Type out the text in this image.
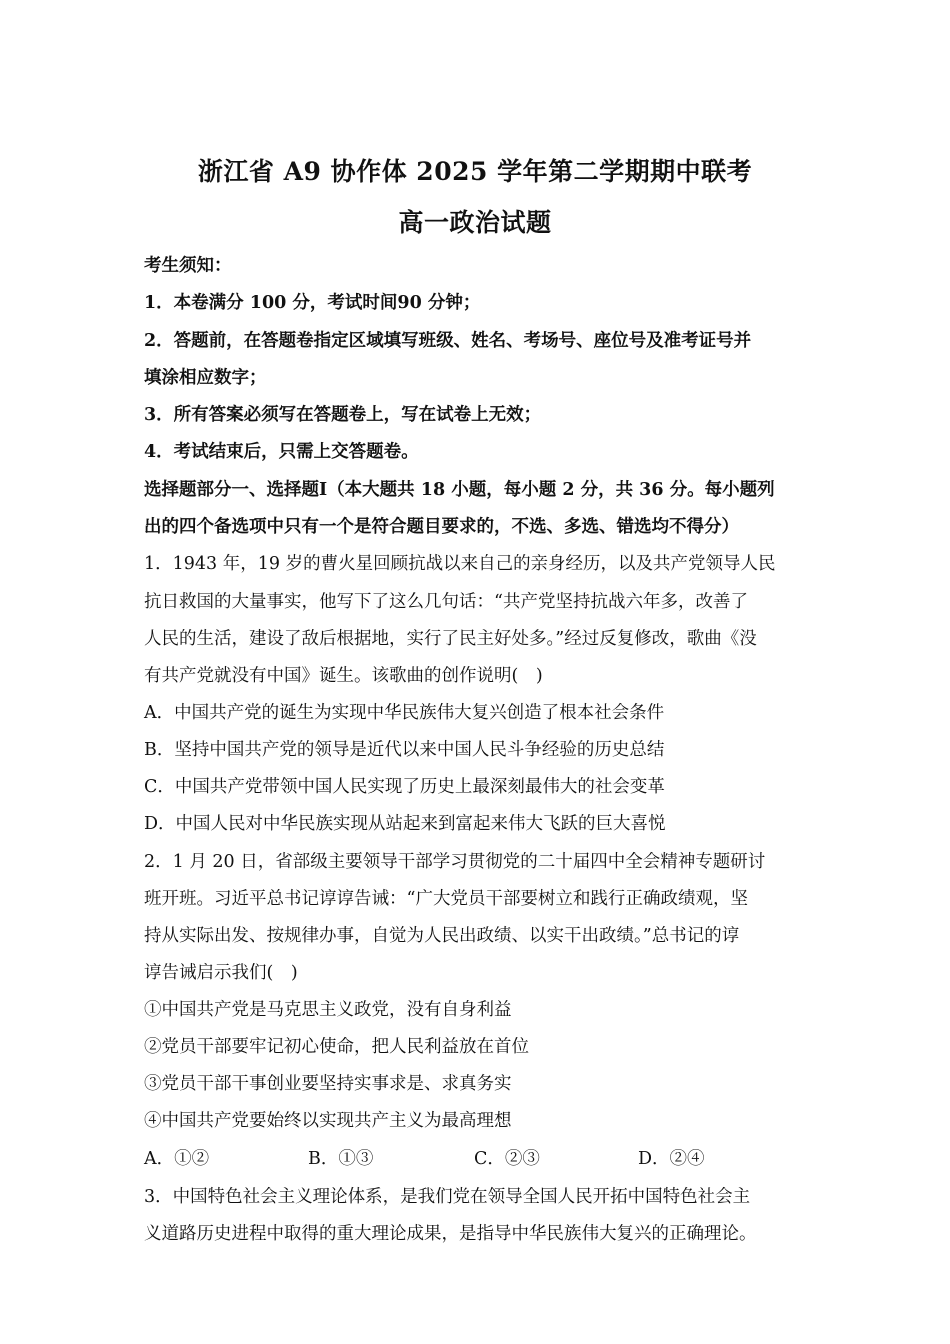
浙江省 A9 协作体 2025 学年第二学期期中联考
高一政治试题
考生须知：
1．本卷满分 100 分，考试时间90 分钟；
2．答题前，在答题卷指定区域填写班级、姓名、考场号、座位号及准考证号并
填涂相应数字；
3．所有答案必须写在答题卷上，写在试卷上无效；
4．考试结束后，只需上交答题卷。
选择题部分一、选择题Ⅰ（本大题共 18 小题，每小题 2 分，共 36 分。每小题列
出的四个备选项中只有一个是符合题目要求的，不选、多选、错选均不得分）
1．1943 年，19 岁的曹火星回顾抗战以来自己的亲身经历，以及共产党领导人民
抗日救国的大量事实，他写下了这么几句话：“共产党坚持抗战六年多，改善了
人民的生活，建设了敌后根据地，实行了民主好处多。”经过反复修改，歌曲《没
有共产党就没有中国》诞生。该歌曲的创作说明(　)
A．中国共产党的诞生为实现中华民族伟大复兴创造了根本社会条件
B．坚持中国共产党的领导是近代以来中国人民斗争经验的历史总结
C．中国共产党带领中国人民实现了历史上最深刻最伟大的社会变革
D．中国人民对中华民族实现从站起来到富起来伟大飞跃的巨大喜悦
2．1 月 20 日，省部级主要领导干部学习贯彻党的二十届四中全会精神专题研讨
班开班。习近平总书记谆谆告诫：“广大党员干部要树立和践行正确政绩观，坚
持从实际出发、按规律办事，自觉为人民出政绩、以实干出政绩。”总书记的谆
谆告诫启示我们(　)
①中国共产党是马克思主义政党，没有自身利益
②党员干部要牢记初心使命，把人民利益放在首位
③党员干部干事创业要坚持实事求是、求真务实
④中国共产党要始终以实现共产主义为最高理想
A．①②	B．①③	C．②③	D．②④
3．中国特色社会主义理论体系，是我们党在领导全国人民开拓中国特色社会主
义道路历史进程中取得的重大理论成果，是指导中华民族伟大复兴的正确理论。
